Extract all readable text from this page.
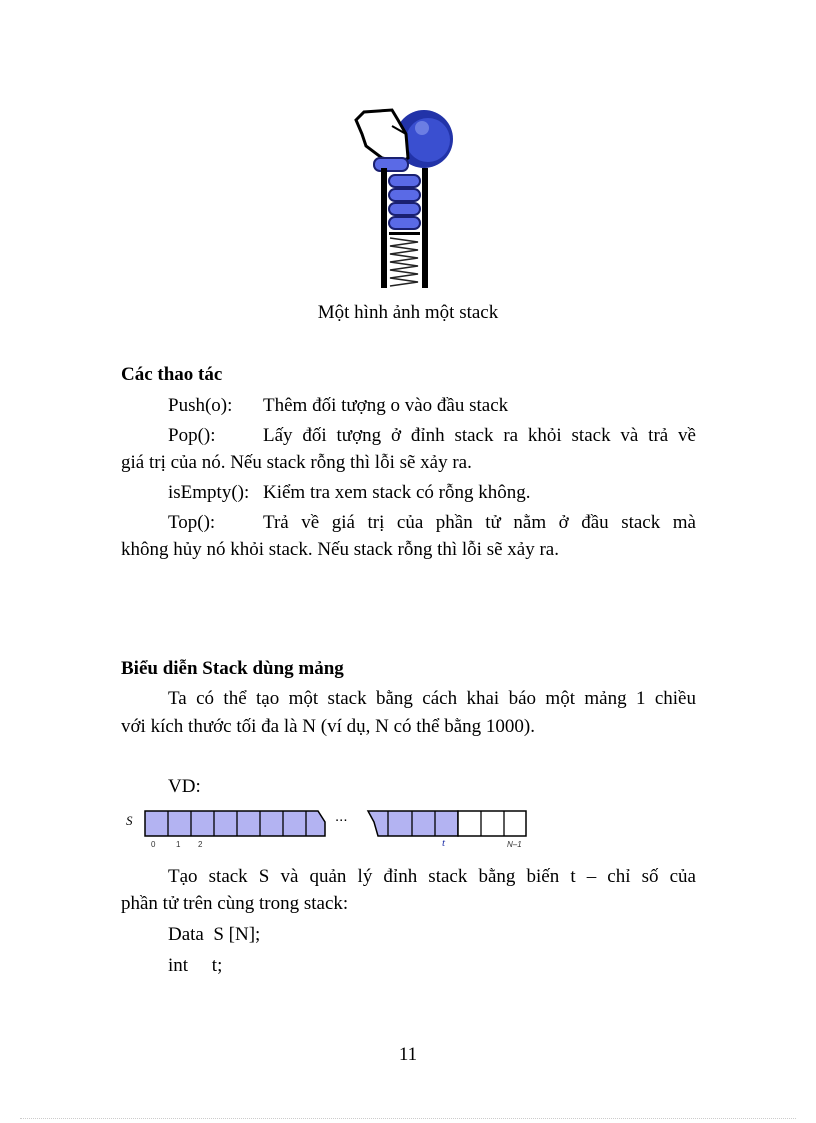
Một hình ảnh một stack
Các thao tác
Push(o): Thêm đối tượng o vào đầu stack
Pop():	Lấy đối tượng ở đỉnh stack ra khỏi stack và trả về
giá trị của nó. Nếu stack rỗng thì lỗi sẽ xảy ra.
isEmpty(): Kiểm tra xem stack có rỗng không.
Top():	Trả về giá trị của phần tử nằm ở đầu stack mà
không hủy nó khỏi stack. Nếu stack rỗng thì lỗi sẽ xảy ra.
Biểu diễn Stack dùng mảng
Ta có thể tạo một stack bằng cách khai báo một mảng 1 chiều
với kích thước tối đa là N (ví dụ, N có thể bằng 1000).
VD:
S	...
0	1 2	t	N–1
Tạo stack S và quản lý đỉnh stack bằng biến t – chỉ số của
phần tử trên cùng trong stack:
Data  S [N];
int     t;
11
